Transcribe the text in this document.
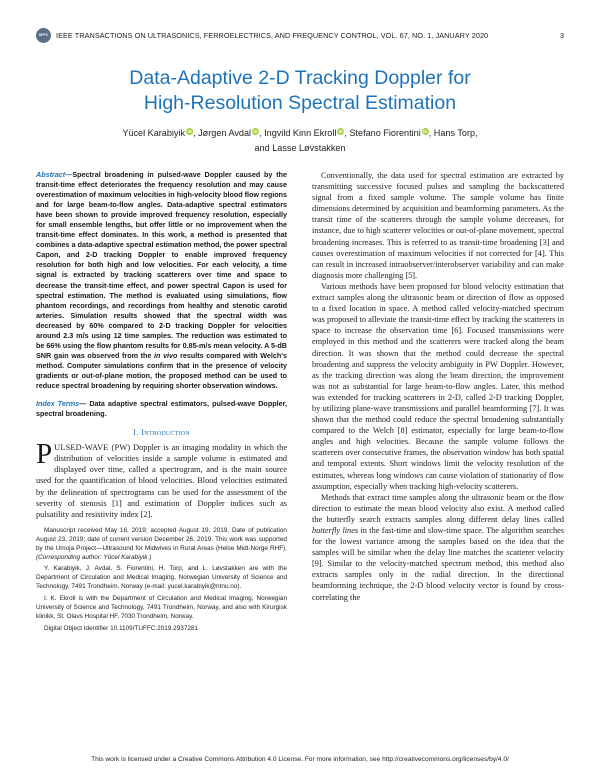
UFFC	IEEE TRANSACTIONS ON ULTRASONICS, FERROELECTRICS, AND FREQUENCY CONTROL, VOL. 67, NO. 1, JANUARY 2020	3
Data-Adaptive 2-D Tracking Doppler for
High-Resolution Spectral Estimation
Yücel Karabiyik iD, Jørgen Avdal iD, Ingvild Kinn Ekroll iD, Stefano Fiorentini iD, Hans Torp,
and Lasse Løvstakken

Abstract—Spectral broadening in pulsed-wave Doppler caused by the transit-time effect deteriorates the frequency resolution and may cause overestimation of maximum velocities in high-velocity blood flow regions and for large beam-to-flow angles. Data-adaptive spectral estimators have been shown to provide improved frequency resolution, especially for small ensemble lengths, but offer little or no improvement when the transit-time effect dominates. In this work, a method is presented that combines a data-adaptive spectral estimation method, the power spectral Capon, and 2-D tracking Doppler to enable improved frequency resolution for both high and low velocities. For each velocity, a time signal is extracted by tracking scatterers over time and space to decrease the transit-time effect, and power spectral Capon is used for spectral estimation. The method is evaluated using simulations, flow phantom recordings, and recordings from healthy and stenotic carotid arteries. Simulation results showed that the spectral width was decreased by 60% compared to 2-D tracking Doppler for velocities around 2.3 m/s using 12 time samples. The reduction was estimated to be 66% using the flow phantom results for 0.85-m/s mean velocity. A 5-dB SNR gain was observed from the in vivo results compared with Welch's method. Computer simulations confirm that in the presence of velocity gradients or out-of-plane motion, the proposed method can be used to reduce spectral broadening by requiring shorter observation windows.

Index Terms— Data adaptive spectral estimators, pulsed-wave Doppler, spectral broadening.

I. Introduction

PULSED-WAVE (PW) Doppler is an imaging modality in which the distribution of velocities inside a sample volume is estimated and displayed over time, called a spectrogram, and is the main source used for the quantification of blood velocities. Blood velocities estimated by the delineation of spectrograms can be used for the assessment of the severity of stenosis [1] and estimation of Doppler indices such as pulsatility and resistivity index [2].

Manuscript received May 16, 2019; accepted August 19, 2019. Date of publication August 23, 2019; date of current version December 26, 2019. This work was supported by the Umoja Project—Ultrasound for Midwives in Rural Areas (Helse Midt-Norge RHF). (Corresponding author: Yücel Karabiyik.)

Y. Karabiyik, J. Avdal, S. Fiorentini, H. Torp, and L. Løvstakken are with the Department of Circulation and Medical Imaging, Norwegian University of Science and Technology, 7491 Trondheim, Norway (e-mail: yucel.karabiyik@ntnu.no).

I. K. Ekroll is with the Department of Circulation and Medical Imaging, Norwegian University of Science and Technology, 7491 Trondheim, Norway, and also with Kirurgisk klinikk, St. Olavs Hospital HF, 7030 Trondheim, Norway.

Digital Object Identifier 10.1109/TUFFC.2019.2937281

Conventionally, the data used for spectral estimation are extracted by transmitting successive focused pulses and sampling the backscattered signal from a fixed sample volume. The sample volume has finite dimensions determined by acquisition and beamforming parameters. As the transit time of the scatterers through the sample volume decreases, for instance, due to high scatterer velocities or out-of-plane movement, spectral broadening increases. This is referred to as transit-time broadening [3] and causes overestimation of maximum velocities if not corrected for [4]. This can result in increased intraobserver/interobserver variability and can make diagnosis more challenging [5].

Various methods have been proposed for blood velocity estimation that extract samples along the ultrasonic beam or direction of flow as opposed to a fixed location in space. A method called velocity-matched spectrum was proposed to alleviate the transit-time effect by tracking the scatterers in space to increase the observation time [6]. Focused transmissions were employed in this method and the scatterers were tracked along the beam direction. It was shown that the method could decrease the spectral broadening and suppress the velocity ambiguity in PW Doppler. However, as the tracking direction was along the beam direction, the improvement was not as substantial for large beam-to-flow angles. Later, this method was extended for tracking scatterers in 2-D, called 2-D tracking Doppler, by utilizing plane-wave transmissions and parallel beamforming [7]. It was shown that the method could reduce the spectral broadening substantially compared to the Welch [8] estimator, especially for large beam-to-flow angles and high velocities. Because the sample volume follows the scatterers over consecutive frames, the observation window has both spatial and temporal extents. Short windows limit the velocity resolution of the estimates, whereas long windows can cause violation of stationarity of flow assumption, especially when tracking high-velocity scatterers.

Methods that extract time samples along the ultrasonic beam or the flow direction to estimate the mean blood velocity also exist. A method called the butterfly search extracts samples along different delay lines called butterfly lines in the fast-time and slow-time space. The algorithm searches for the lowest variance among the samples based on the idea that the samples will be similar when the delay line matches the scatterer velocity [9]. Similar to the velocity-matched spectrum method, this method also extracts samples only in the radial direction. In the directional beamforming technique, the 2-D blood velocity vector is found by cross-correlating the

This work is licensed under a Creative Commons Attribution 4.0 License. For more information, see http://creativecommons.org/licenses/by/4.0/
